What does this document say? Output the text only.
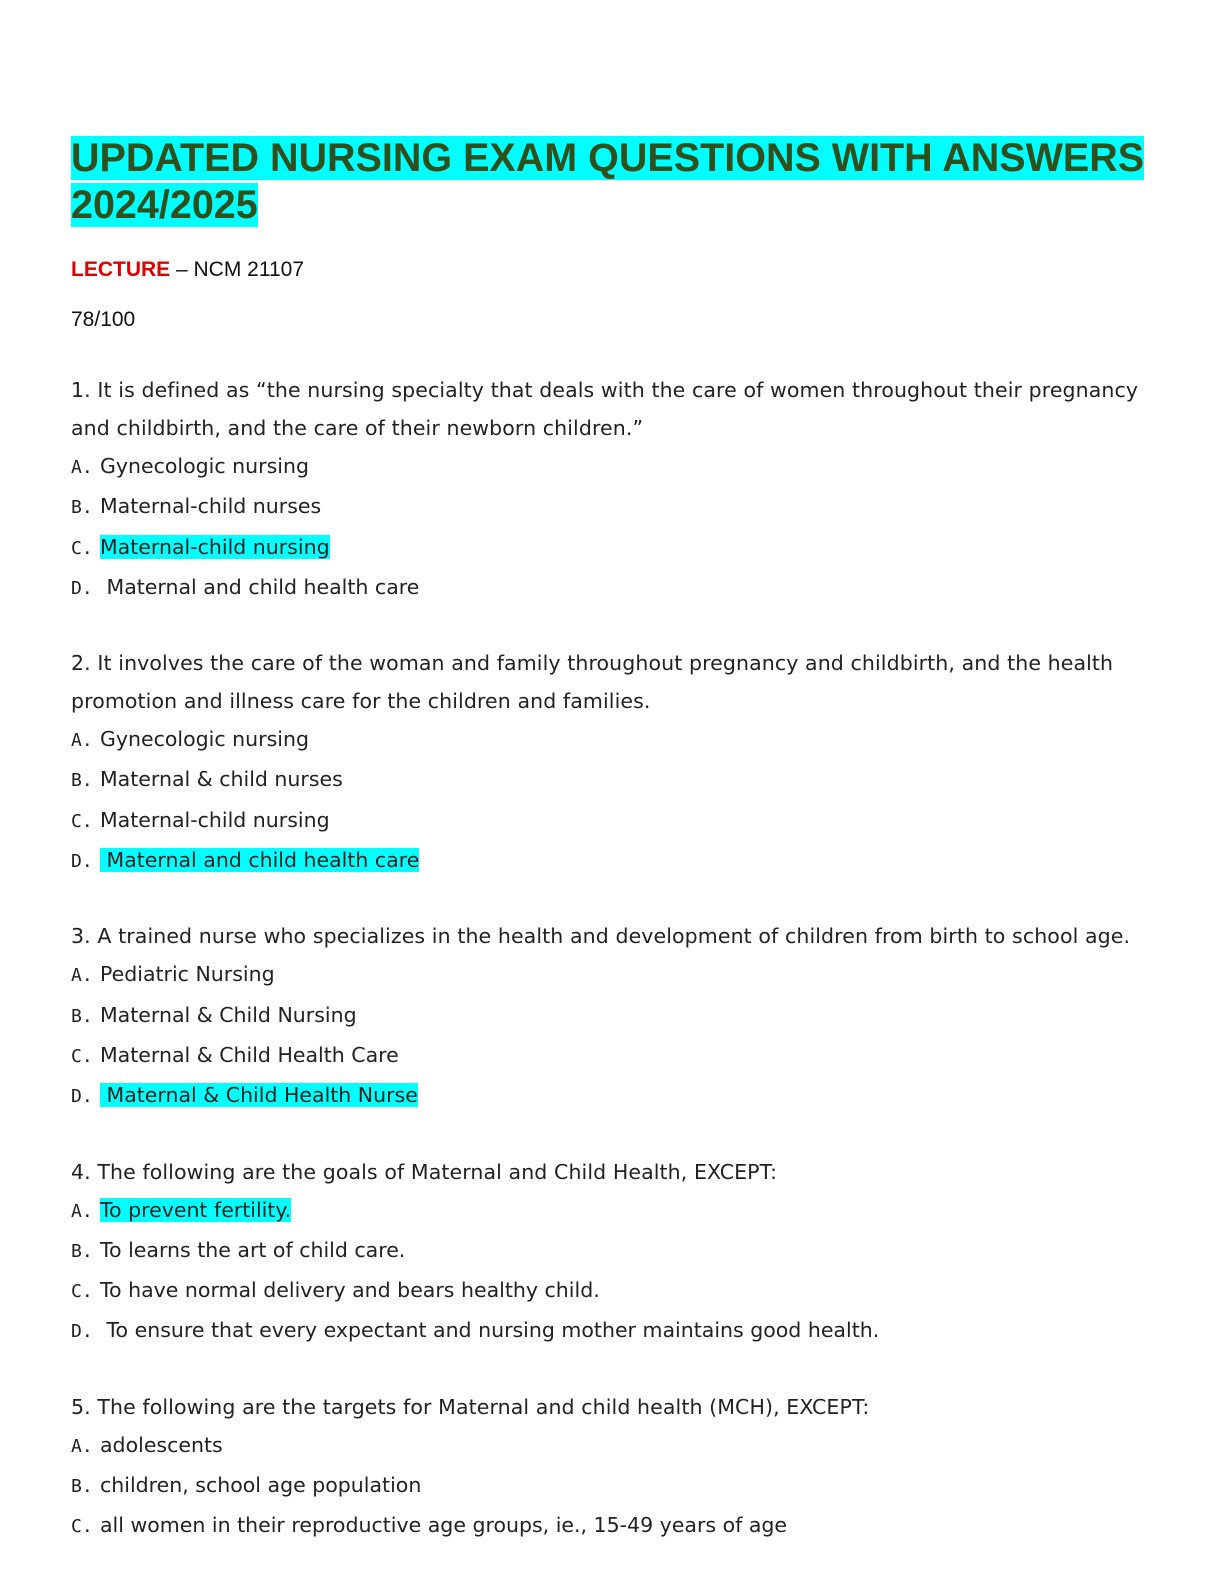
UPDATED NURSING EXAM QUESTIONS WITH ANSWERS
2024/2025
LECTURE – NCM 21107
78/100
1. It is defined as “the nursing specialty that deals with the care of women throughout their pregnancy and childbirth, and the care of their newborn children.”
A. Gynecologic nursing
B. Maternal-child nurses
C. Maternal-child nursing
D. Maternal and child health care
2. It involves the care of the woman and family throughout pregnancy and childbirth, and the health promotion and illness care for the children and families.
A. Gynecologic nursing
B. Maternal & child nurses
C. Maternal-child nursing
D. Maternal and child health care
3. A trained nurse who specializes in the health and development of children from birth to school age.
A. Pediatric Nursing
B. Maternal & Child Nursing
C. Maternal & Child Health Care
D. Maternal & Child Health Nurse
4. The following are the goals of Maternal and Child Health, EXCEPT:
A. To prevent fertility.
B. To learns the art of child care.
C. To have normal delivery and bears healthy child.
D. To ensure that every expectant and nursing mother maintains good health.
5. The following are the targets for Maternal and child health (MCH), EXCEPT:
A. adolescents
B. children, school age population
C. all women in their reproductive age groups, ie., 15-49 years of age
